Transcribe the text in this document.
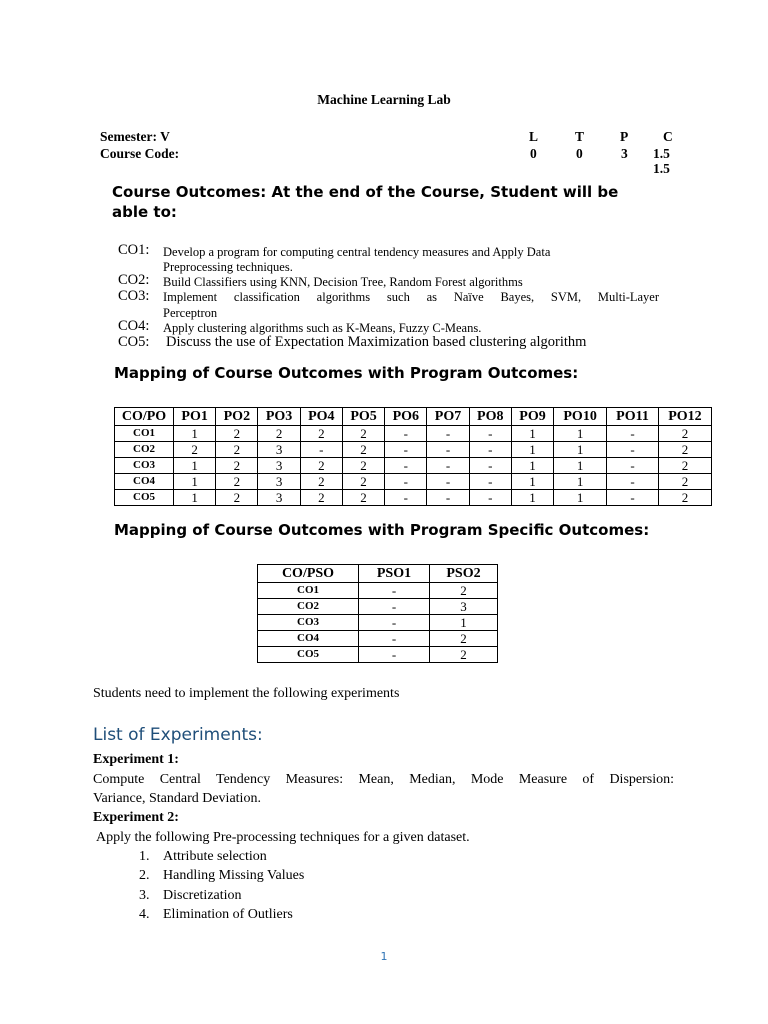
Machine Learning Lab
Semester: V
Course Code:
L	T	P	C
0	0	3 1.5
1.5
Course Outcomes: At the end of the Course, Student will be
able to:
CO1: Develop a program for computing central tendency measures and Apply Data
Preprocessing techniques.
CO2: Build Classifiers using KNN, Decision Tree, Random Forest algorithms
CO3: Implement classification algorithms such as Naïve Bayes, SVM, Multi-Layer
Perceptron
CO4: Apply clustering algorithms such as K-Means, Fuzzy C-Means.
CO5: Discuss the use of Expectation Maximization based clustering algorithm
Mapping of Course Outcomes with Program Outcomes:
CO/PO	PO1	PO2	PO3	PO4	PO5	PO6	PO7	PO8	PO9	PO10	PO11	PO12
CO1	1	2	2	2	2	-	-	-	1	1	-	2
CO2	2	2	3	-	2	-	-	-	1	1	-	2
CO3	1	2	3	2	2	-	-	-	1	1	-	2
CO4	1	2	3	2	2	-	-	-	1	1	-	2
CO5	1	2	3	2	2	-	-	-	1	1	-	2
Mapping of Course Outcomes with Program Specific Outcomes:
CO/PSO	PSO1	PSO2
CO1	-	2
CO2	-	3
CO3	-	1
CO4	-	2
CO5	-	2
Students need to implement the following experiments
List of Experiments:
Experiment 1:
Compute Central Tendency Measures: Mean, Median, Mode Measure of Dispersion:
Variance, Standard Deviation.
Experiment 2:
Apply the following Pre-processing techniques for a given dataset.
1. Attribute selection
2. Handling Missing Values
3. Discretization
4. Elimination of Outliers
1
